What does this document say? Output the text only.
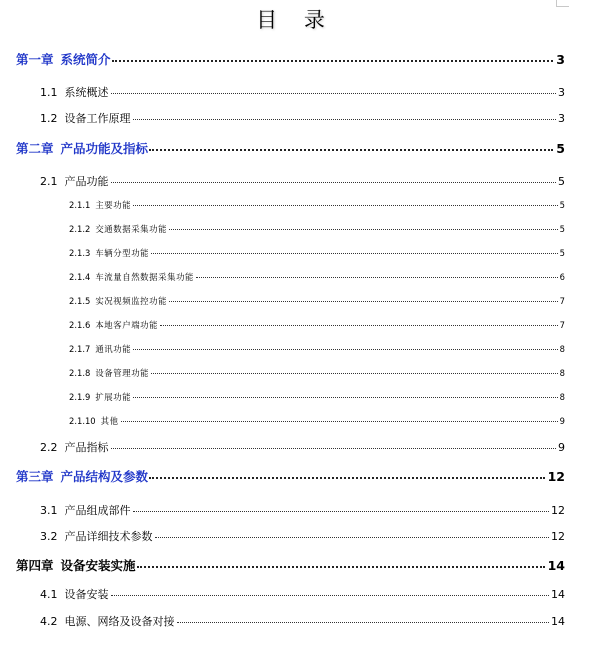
目 录
第一章 系统简介	3
1.1 系统概述	3
1.2 设备工作原理	3
第二章 产品功能及指标	5
2.1 产品功能	5
2.1.1 主要功能	5
2.1.2 交通数据采集功能	5
2.1.3 车辆分型功能	5
2.1.4 车流量自然数据采集功能	6
2.1.5 实况视频监控功能	7
2.1.6 本地客户端功能	7
2.1.7 通讯功能	8
2.1.8 设备管理功能	8
2.1.9 扩展功能	8
2.1.10 其他	9
2.2 产品指标	9
第三章 产品结构及参数	12
3.1 产品组成部件	12
3.2 产品详细技术参数	12
第四章 设备安装实施	14
4.1 设备安装	14
4.2 电源、网络及设备对接	14
